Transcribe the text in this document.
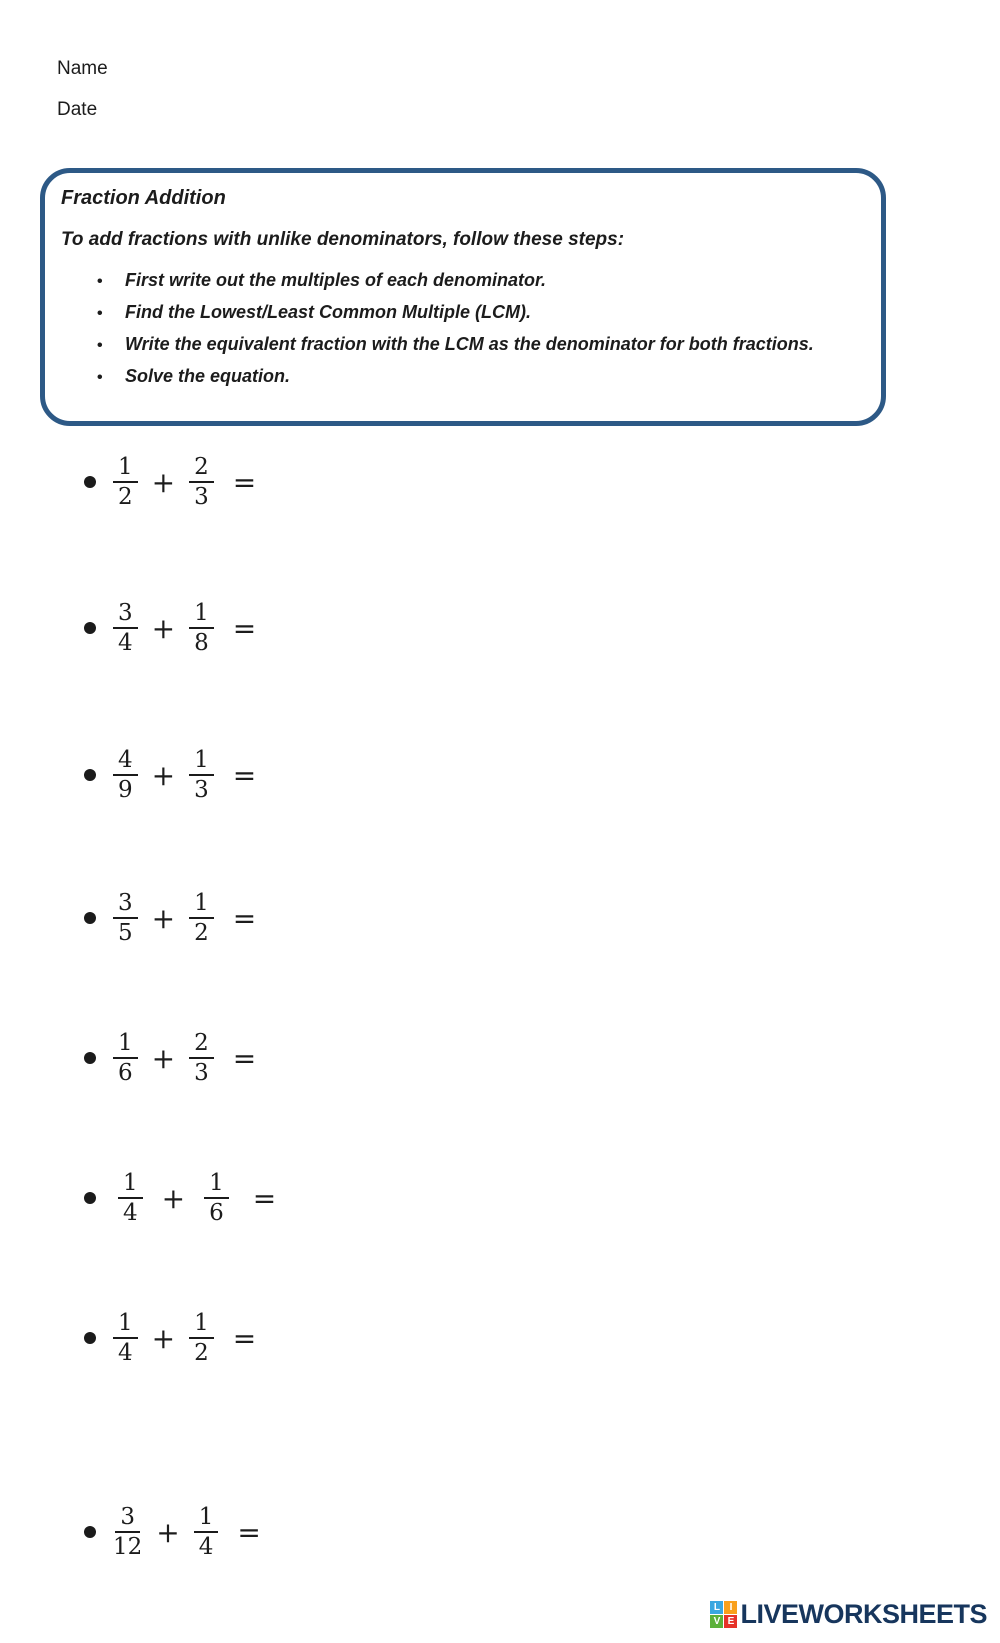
Name
Date
Fraction Addition
To add fractions with unlike denominators, follow these steps:
•
First write out the multiples of each denominator.
•
Find the Lowest/Least Common Multiple (LCM).
•
Write the equivalent fraction with the LCM as the denominator for both fractions.
•
Solve the equation.
$\frac{1}{2} + \frac{2}{3}$ =
$\frac{3}{4} + \frac{1}{8}$ =
$\frac{4}{9} + \frac{1}{3}$ =
$\frac{3}{5} + \frac{1}{2}$ =
$\frac{1}{6} + \frac{2}{3}$ =
$\frac{1}{4} + \frac{1}{6}$ =
$\frac{1}{4} + \frac{1}{2}$ =
$\frac{3}{12} + \frac{1}{4}$ =
L I
V E LIVEWORKSHEETS
